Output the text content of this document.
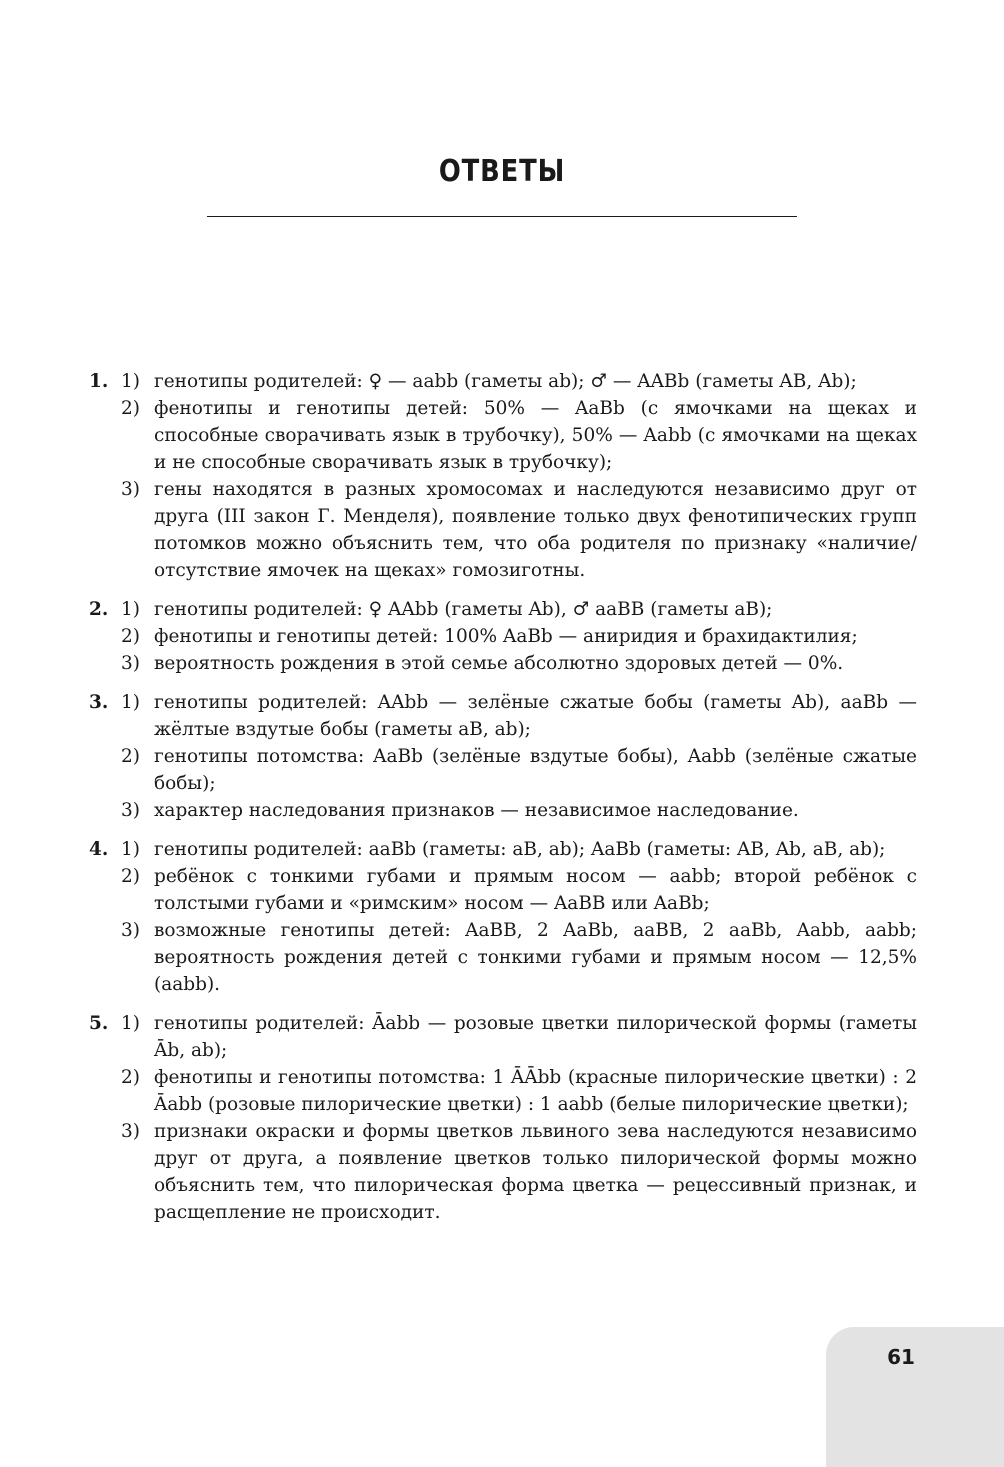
ОТВЕТЫ
1. 1) генотипы родителей: ♀ — aabb (гаметы ab); ♂ — AABb (гаметы AB, Ab);
2) фенотипы и генотипы детей: 50% — AaBb (с ямочками на щеках и способные сворачивать язык в трубочку), 50% — Aabb (с ямочками на щеках и не способные сворачивать язык в трубочку);
3) гены находятся в разных хромосомах и наследуются независимо друг от друга (III закон Г. Менделя), появление только двух фенотипических групп потомков можно объяснить тем, что оба родителя по признаку «наличие/отсутствие ямочек на щеках» гомозиготны.
2. 1) генотипы родителей: ♀ AAbb (гаметы Ab), ♂ aaBB (гаметы aB);
2) фенотипы и генотипы детей: 100% AaBb — аниридия и брахидактилия;
3) вероятность рождения в этой семье абсолютно здоровых детей — 0%.
3. 1) генотипы родителей: AAbb — зелёные сжатые бобы (гаметы Ab), aaBb — жёлтые вздутые бобы (гаметы aB, ab);
2) генотипы потомства: AaBb (зелёные вздутые бобы), Aabb (зелёные сжатые бобы);
3) характер наследования признаков — независимое наследование.
4. 1) генотипы родителей: aaBb (гаметы: aB, ab); AaBb (гаметы: AB, Ab, aB, ab);
2) ребёнок с тонкими губами и прямым носом — aabb; второй ребёнок с толстыми губами и «римским» носом — AaBB или AaBb;
3) возможные генотипы детей: AaBB, 2 AaBb, aaBB, 2 aaBb, Aabb, aabb; вероятность рождения детей с тонкими губами и прямым носом — 12,5% (aabb).
5. 1) генотипы родителей: Āabb — розовые цветки пилорической формы (гаметы Āb, ab);
2) фенотипы и генотипы потомства: 1 ĀĀbb (красные пилорические цветки) : 2 Āabb (розовые пилорические цветки) : 1 aabb (белые пилорические цветки);
3) признаки окраски и формы цветков львиного зева наследуются независимо друг от друга, а появление цветков только пилорической формы можно объяснить тем, что пилорическая форма цветка — рецессивный признак, и расщепление не происходит.
61
